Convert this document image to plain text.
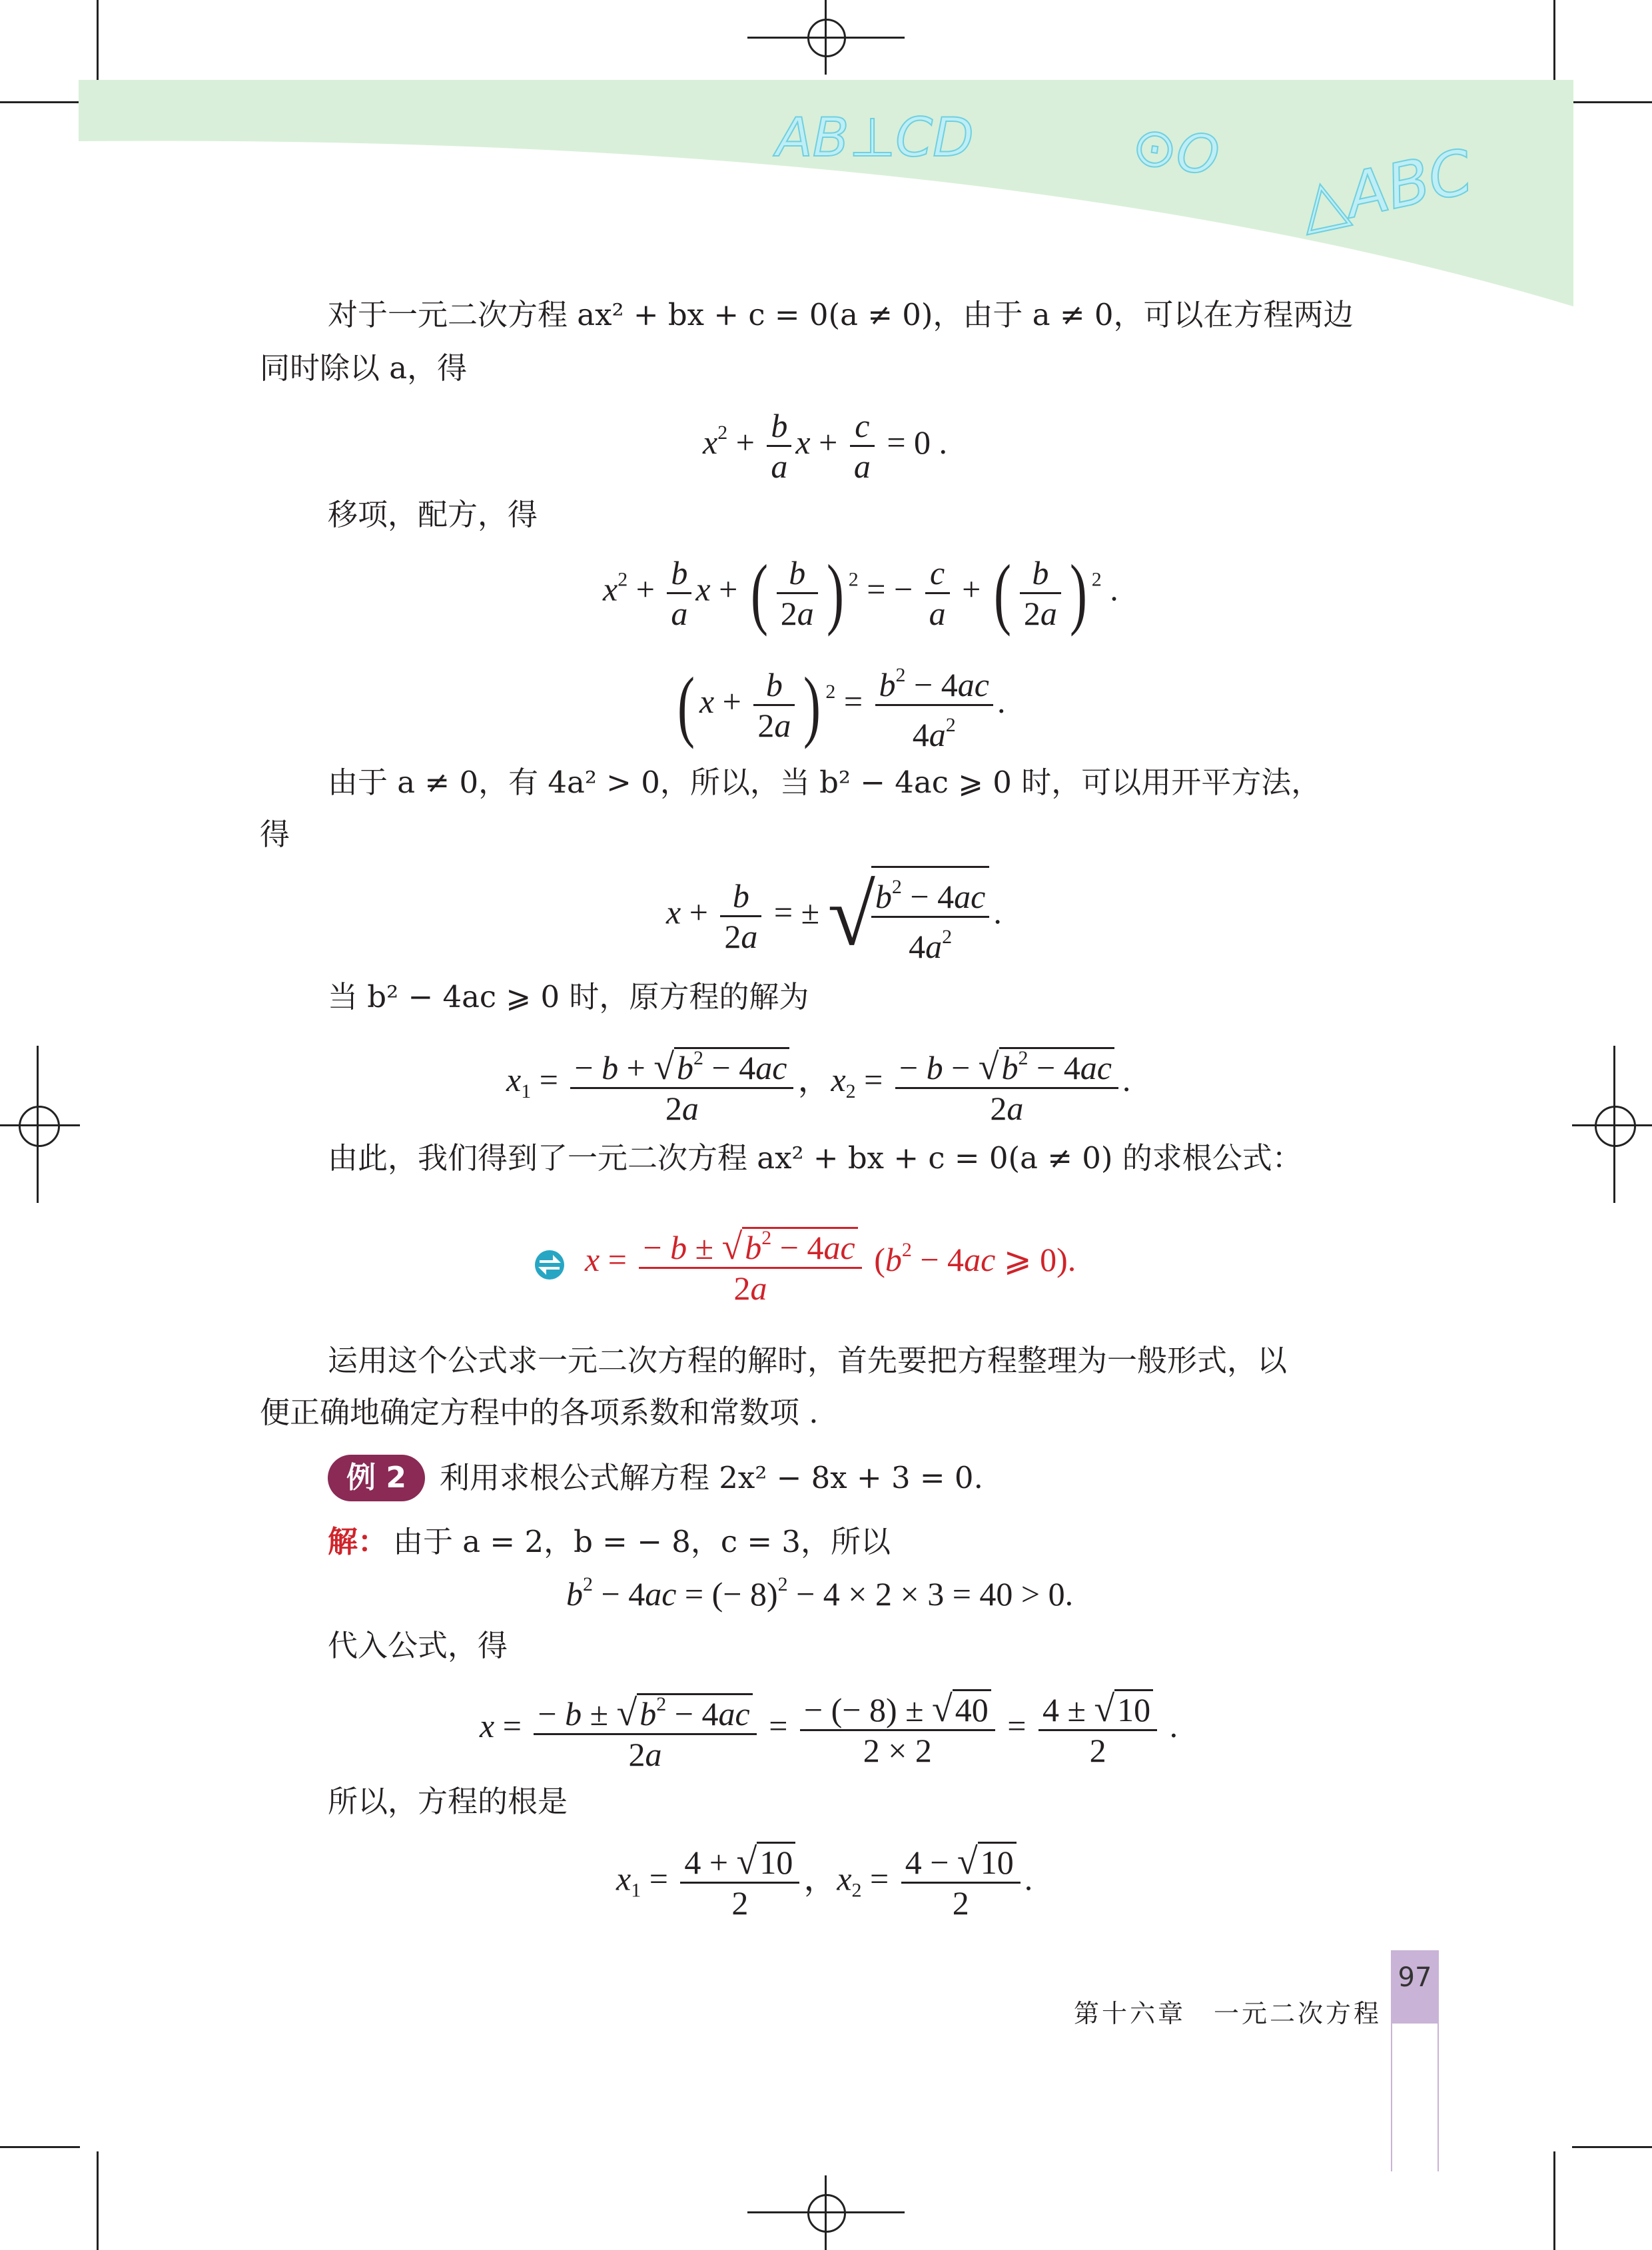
AB⊥CD	⊙O △ABC
对于一元二次方程 ax² + bx + c = 0(a ≠ 0)，由于 a ≠ 0，可以在方程两边
同时除以 a，得
$x^2 + \frac{b}{a}$ $x + \frac{c}{a} = 0$ .
移项，配方，得
$x^2 + \frac{b}{a}$ x + ( $\frac{b}{2a}$ ) $^2$ = − $\frac{c}{a}$ + ( $\frac{b}{2a}$ ) $^2$ .
( $x + \frac{b}{2a}$ ) $^2 = \frac{b^2 - 4ac}{4a^2}$ .
由于 a ≠ 0，有 4a² > 0，所以，当 b² − 4ac ⩾ 0 时，可以用开平方法，
得
$x + \frac{b}{2a}$ = ± √
$\frac{b^2 - 4ac}{4a^2}$ .
当 b² − 4ac ⩾ 0 时，原方程的解为
$x_1 = \frac{- b + √b^2 - 4ac}{2a}$ ，$x_2 = \frac{- b - √b^2 - 4ac}{2a}$ .
由此，我们得到了一元二次方程 ax² + bx + c = 0(a ≠ 0) 的求根公式：
$x = \frac{- b \pm √b^2 - 4ac}{2a} (b^2 - 4ac$ ⩾ 0).
运用这个公式求一元二次方程的解时，首先要把方程整理为一般形式，以
便正确地确定方程中的各项系数和常数项 .
例 2	利用求根公式解方程 2x² − 8x + 3 = 0.
解： 由于 a = 2，b = − 8，c = 3，所以
$b^2 - 4ac$ = (− 8)$^2$ − 4 × 2 × 3 = 40 > 0.
代入公式，得
$x = \frac{- b \pm √b^2 - 4ac}{2a} = \frac{- (- 8) \pm √40}{2 \times 2} = \frac{4 \pm √10}{2}$ .
所以，方程的根是
$x_1 = \frac{4 + √10}{2}$ ，$x_2 = \frac{4 - √10}{2}$ .
第十六章　一元二次方程
97
